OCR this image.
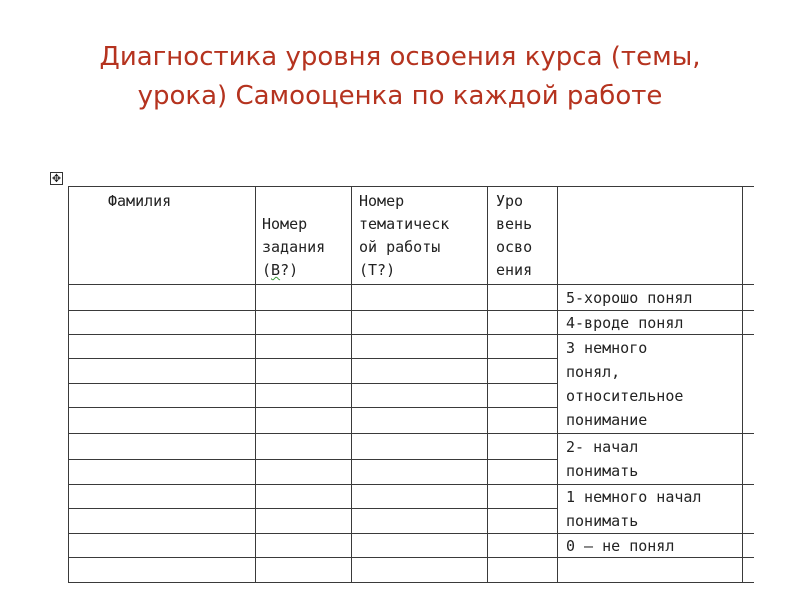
Диагностика уровня освоения курса (темы,
урока) Самооценка по каждой работе
✥
Фамилия

Номер
задания
(В?)

Номер
тематическ
ой работы
(Т?)
Уро
вень
осво
ения
5-хорошо понял
4-вроде понял
3 немного
понял,
относительное
понимание
2- начал
понимать
1 немного начал
понимать
0 – не понял
